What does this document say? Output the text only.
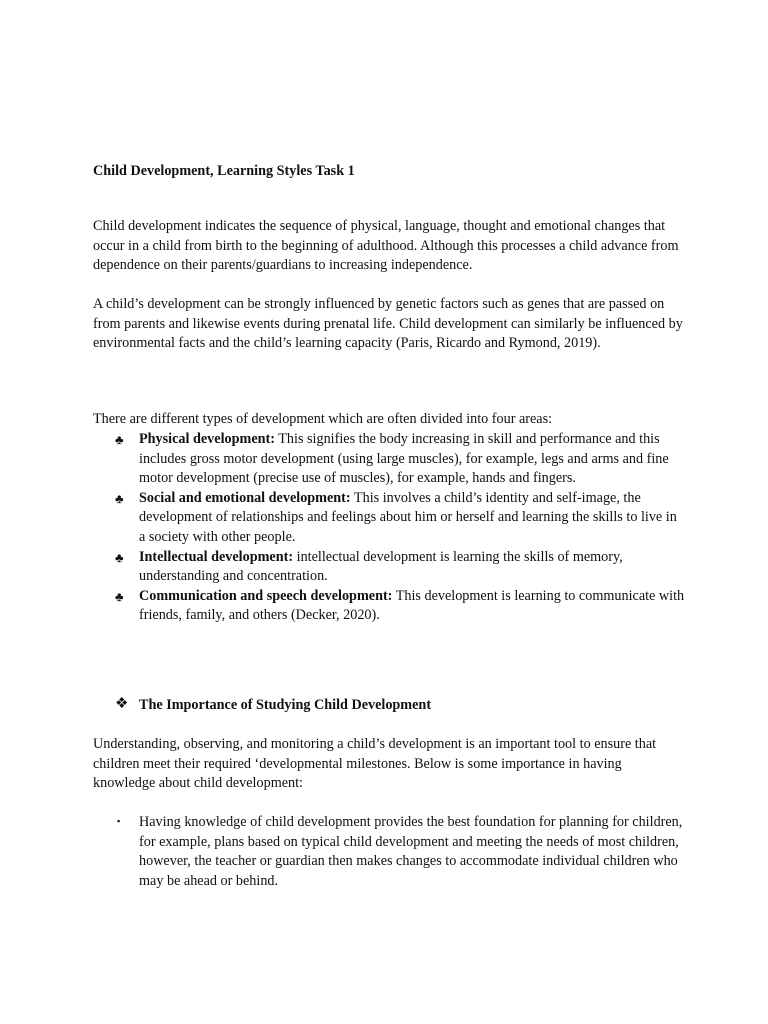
Child Development, Learning Styles Task 1

Child development indicates the sequence of physical, language, thought and emotional changes that occur in a child from birth to the beginning of adulthood. Although this processes a child advance from dependence on their parents/guardians to increasing independence.

A child’s development can be strongly influenced by genetic factors such as genes that are passed on from parents and likewise events during prenatal life. Child development can similarly be influenced by environmental facts and the child’s learning capacity (Paris, Ricardo and Rymond, 2019).

There are different types of development which are often divided into four areas:

♣ Physical development: This signifies the body increasing in skill and performance and this includes gross motor development (using large muscles), for example, legs and arms and fine motor development (precise use of muscles), for example, hands and fingers.
♣ Social and emotional development: This involves a child’s identity and self-image, the development of relationships and feelings about him or herself and learning the skills to live in a society with other people.
♣ Intellectual development: intellectual development is learning the skills of memory, understanding and concentration.
♣ Communication and speech development: This development is learning to communicate with friends, family, and others (Decker, 2020).
❖ The Importance of Studying Child Development

Understanding, observing, and monitoring a child’s development is an important tool to ensure that children meet their required ‘developmental milestones. Below is some importance in having knowledge about child development:

▪ Having knowledge of child development provides the best foundation for planning for children, for example, plans based on typical child development and meeting the needs of most children, however, the teacher or guardian then makes changes to accommodate individual children who may be ahead or behind.
